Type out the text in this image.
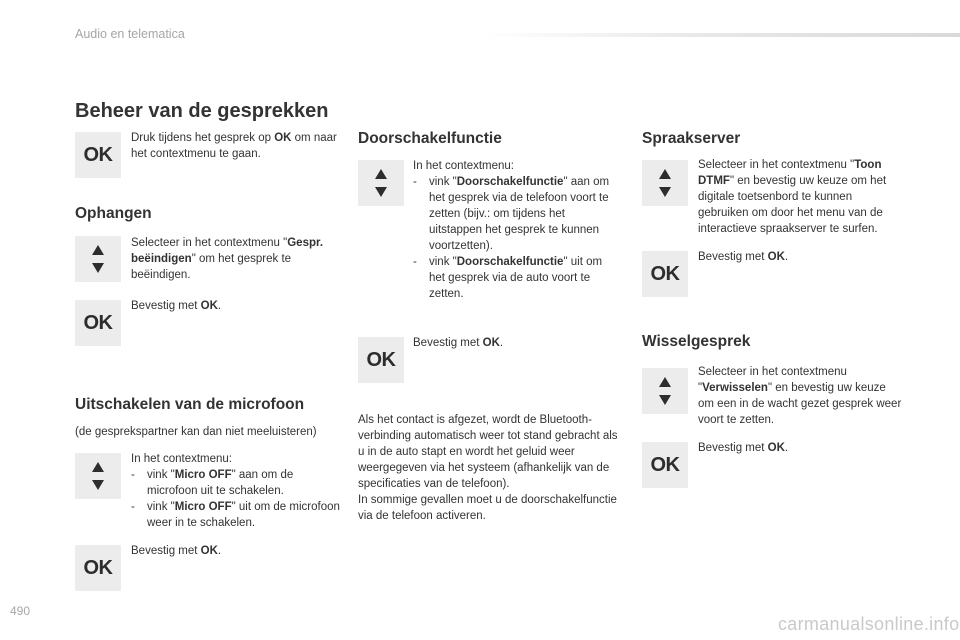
Audio en telematica
490
carmanualsonline.info
Beheer van de gesprekken
OK
Druk tijdens het gesprek op OK om naar het contextmenu te gaan.
Ophangen
Selecteer in het contextmenu "Gespr. beëindigen" om het gesprek te beëindigen.
OK
Bevestig met OK.
Uitschakelen van de microfoon
(de gesprekspartner kan dan niet meeluisteren)
In het contextmenu:
- vink "Micro OFF" aan om de microfoon uit te schakelen.
- vink "Micro OFF" uit om de microfoon weer in te schakelen.
OK
Bevestig met OK.
Doorschakelfunctie
In het contextmenu:
- vink "Doorschakelfunctie" aan om het gesprek via de telefoon voort te zetten (bijv.: om tijdens het uitstappen het gesprek te kunnen voortzetten).
- vink "Doorschakelfunctie" uit om het gesprek via de auto voort te zetten.
OK
Bevestig met OK.
Als het contact is afgezet, wordt de Bluetooth-verbinding automatisch weer tot stand gebracht als u in de auto stapt en wordt het geluid weer weergegeven via het systeem (afhankelijk van de specificaties van de telefoon).
In sommige gevallen moet u de doorschakelfunctie via de telefoon activeren.
Spraakserver
Selecteer in het contextmenu "Toon DTMF" en bevestig uw keuze om het digitale toetsenbord te kunnen gebruiken om door het menu van de interactieve spraakserver te surfen.
OK
Bevestig met OK.
Wisselgesprek
Selecteer in het contextmenu "Verwisselen" en bevestig uw keuze om een in de wacht gezet gesprek weer voort te zetten.
OK
Bevestig met OK.
